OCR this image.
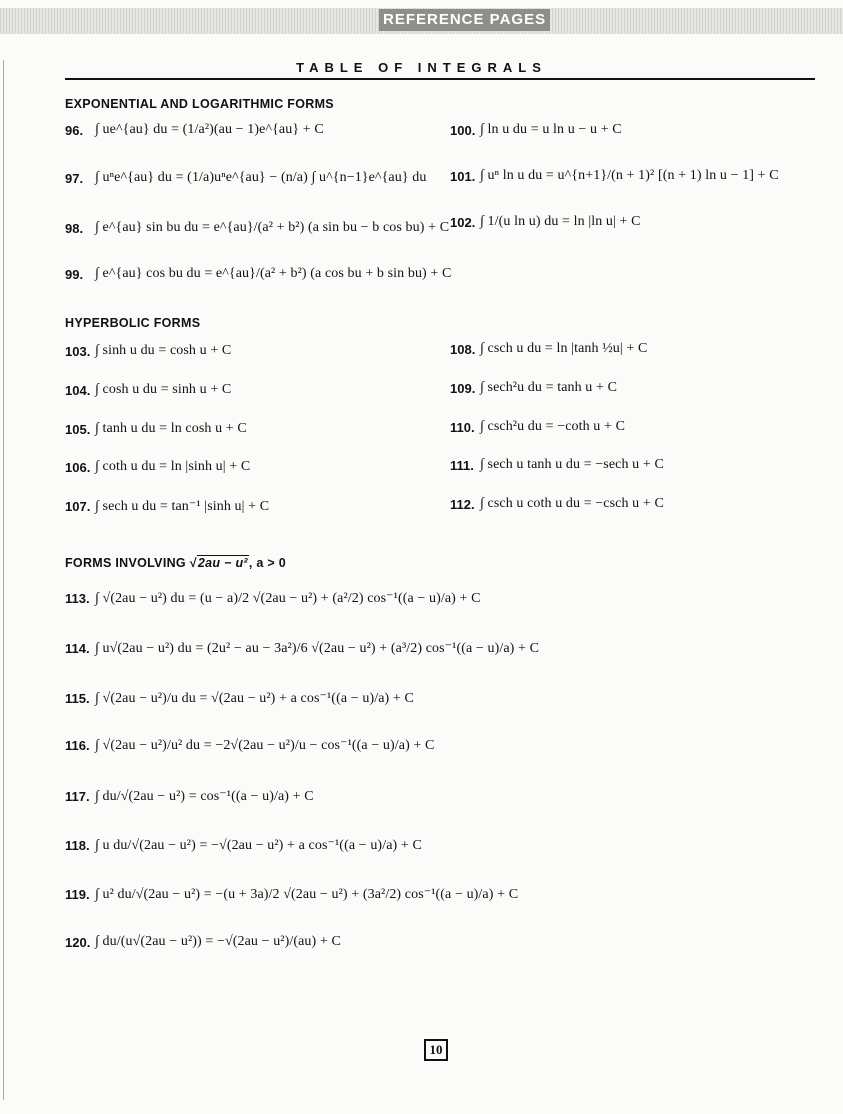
REFERENCE PAGES
TABLE OF INTEGRALS
EXPONENTIAL AND LOGARITHMIC FORMS
HYPERBOLIC FORMS
FORMS INVOLVING √2au − u², a > 0
96. ∫ ue^{au} du = (1/a²)(au − 1)e^{au} + C
97. ∫ uⁿe^{au} du = (1/a)uⁿe^{au} − (n/a) ∫ u^{n−1}e^{au} du
98. ∫ e^{au} sin bu du = e^{au}/(a² + b²) (a sin bu − b cos bu) + C
99. ∫ e^{au} cos bu du = e^{au}/(a² + b²) (a cos bu + b sin bu) + C
100. ∫ ln u du = u ln u − u + C
101. ∫ uⁿ ln u du = u^{n+1}/(n + 1)² [(n + 1) ln u − 1] + C
102. ∫ 1/(u ln u) du = ln |ln u| + C
103. ∫ sinh u du = cosh u + C
104. ∫ cosh u du = sinh u + C
105. ∫ tanh u du = ln cosh u + C
106. ∫ coth u du = ln |sinh u| + C
107. ∫ sech u du = tan⁻¹ |sinh u| + C
108. ∫ csch u du = ln |tanh ½u| + C
109. ∫ sech²u du = tanh u + C
110. ∫ csch²u du = −coth u + C
111. ∫ sech u tanh u du = −sech u + C
112. ∫ csch u coth u du = −csch u + C
113. ∫ √(2au − u²) du = (u − a)/2 √(2au − u²) + (a²/2) cos⁻¹((a − u)/a) + C
114. ∫ u√(2au − u²) du = (2u² − au − 3a²)/6 √(2au − u²) + (a³/2) cos⁻¹((a − u)/a) + C
115. ∫ √(2au − u²)/u du = √(2au − u²) + a cos⁻¹((a − u)/a) + C
116. ∫ √(2au − u²)/u² du = −2√(2au − u²)/u − cos⁻¹((a − u)/a) + C
117. ∫ du/√(2au − u²) = cos⁻¹((a − u)/a) + C
118. ∫ u du/√(2au − u²) = −√(2au − u²) + a cos⁻¹((a − u)/a) + C
119. ∫ u² du/√(2au − u²) = −(u + 3a)/2 √(2au − u²) + (3a²/2) cos⁻¹((a − u)/a) + C
120. ∫ du/(u√(2au − u²)) = −√(2au − u²)/(au) + C
10
